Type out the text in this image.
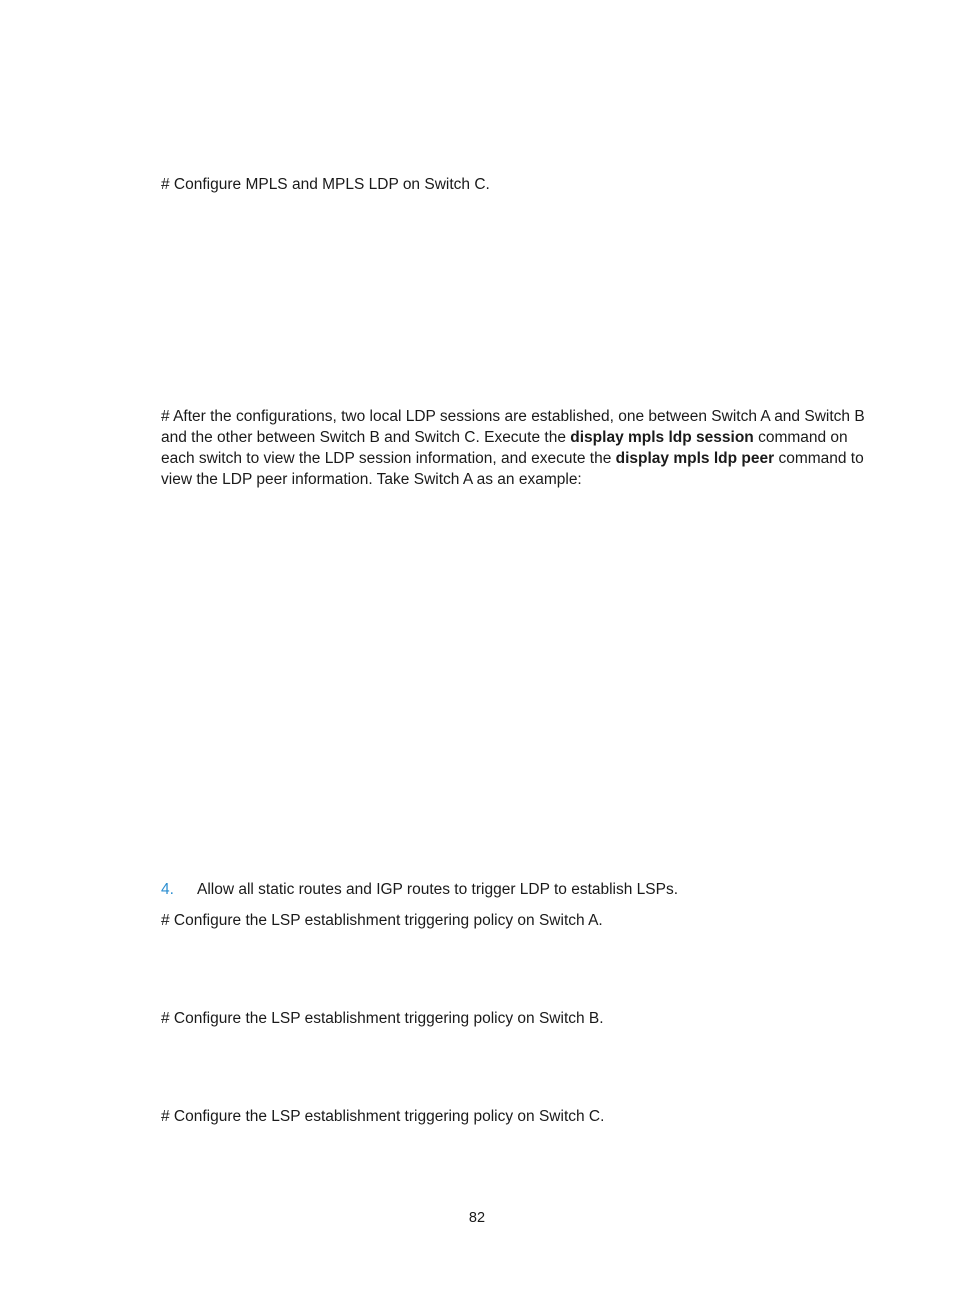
# Configure MPLS and MPLS LDP on Switch C.

# After the configurations, two local LDP sessions are established, one between Switch A and Switch B and the other between Switch B and Switch C. Execute the display mpls ldp session command on each switch to view the LDP session information, and execute the display mpls ldp peer command to view the LDP peer information. Take Switch A as an example:

4. Allow all static routes and IGP routes to trigger LDP to establish LSPs.

# Configure the LSP establishment triggering policy on Switch A.

# Configure the LSP establishment triggering policy on Switch B.

# Configure the LSP establishment triggering policy on Switch C.

82
